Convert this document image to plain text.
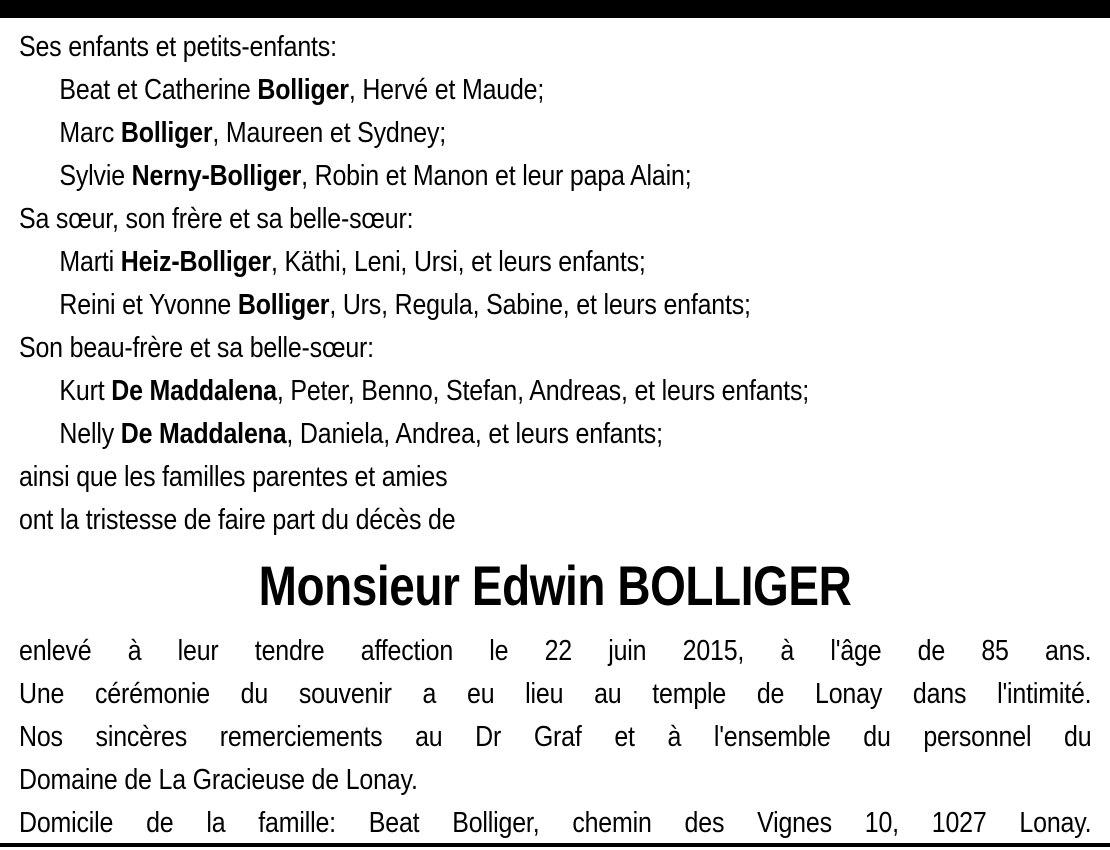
Ses enfants et petits-enfants:
Beat et Catherine Bolliger, Hervé et Maude;
Marc Bolliger, Maureen et Sydney;
Sylvie Nerny-Bolliger, Robin et Manon et leur papa Alain;
Sa sœur, son frère et sa belle-sœur:
Marti Heiz-Bolliger, Käthi, Leni, Ursi, et leurs enfants;
Reini et Yvonne Bolliger, Urs, Regula, Sabine, et leurs enfants;
Son beau-frère et sa belle-sœur:
Kurt De Maddalena, Peter, Benno, Stefan, Andreas, et leurs enfants;
Nelly De Maddalena, Daniela, Andrea, et leurs enfants;
ainsi que les familles parentes et amies
ont la tristesse de faire part du décès de
Monsieur Edwin BOLLIGER
enlevé à leur tendre affection le 22 juin 2015, à l'âge de 85 ans.
Une cérémonie du souvenir a eu lieu au temple de Lonay dans l'intimité.
Nos sincères remerciements au Dr Graf et à l'ensemble du personnel du
Domaine de La Gracieuse de Lonay.
Domicile de la famille: Beat Bolliger, chemin des Vignes 10, 1027 Lonay.
